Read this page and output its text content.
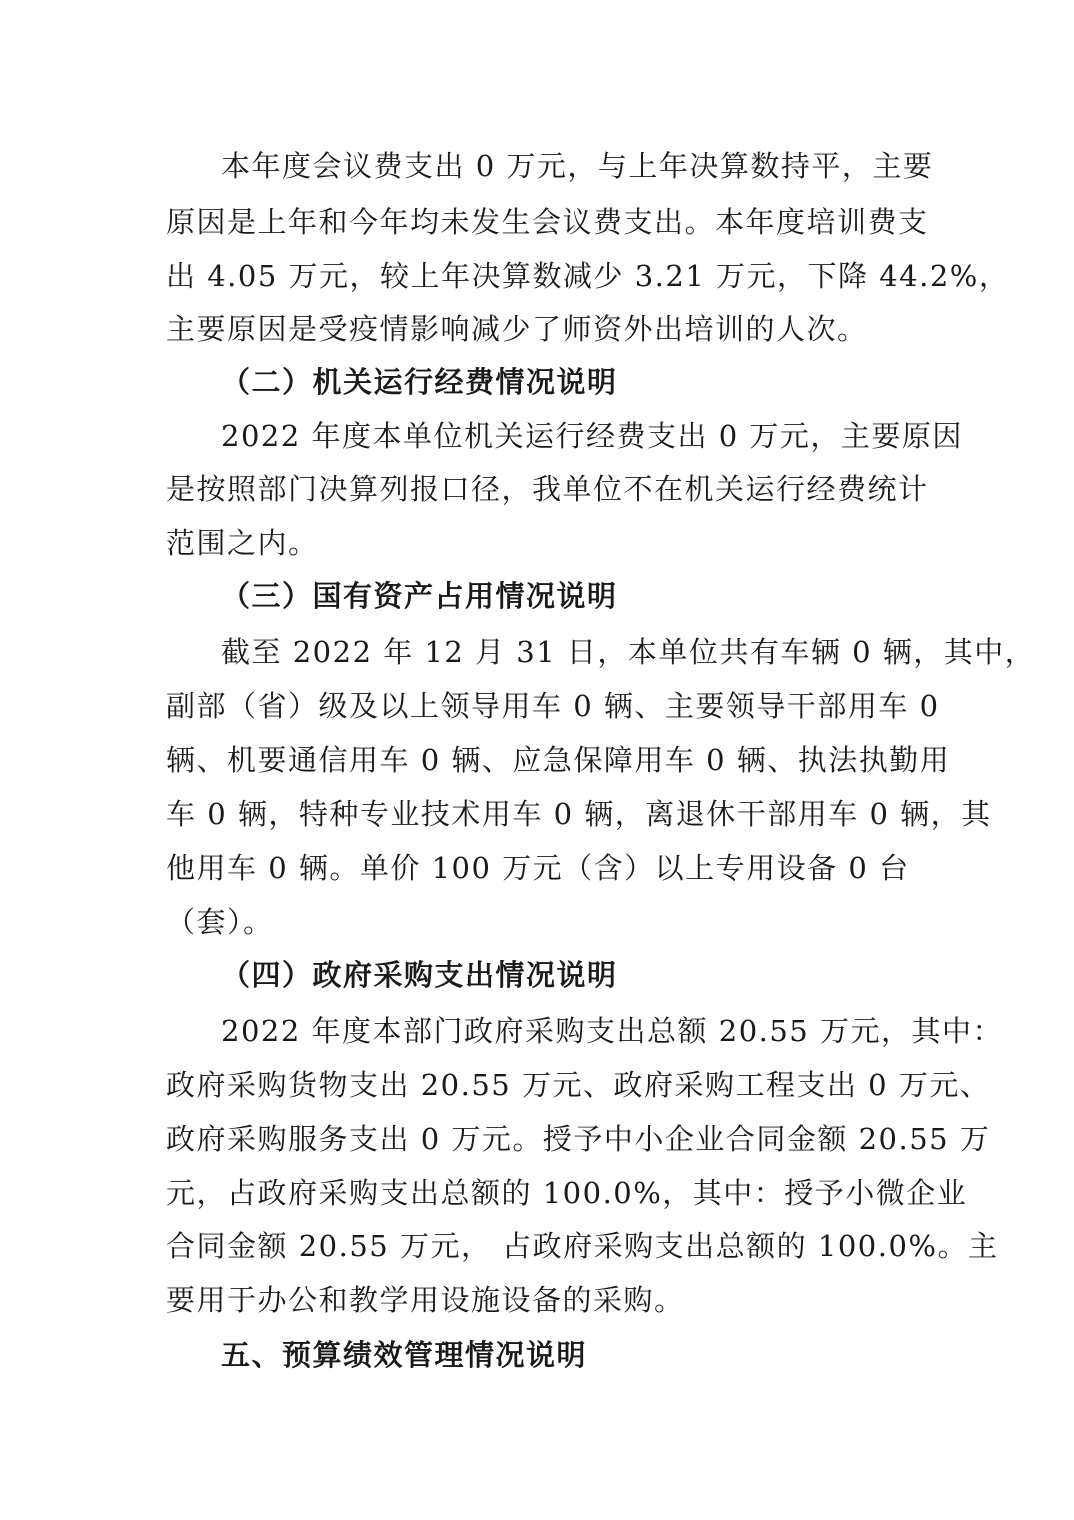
本年度会议费支出 0 万元，与上年决算数持平，主要
原因是上年和今年均未发生会议费支出。本年度培训费支
出 4.05 万元，较上年决算数减少 3.21 万元，下降 44.2%，
主要原因是受疫情影响减少了师资外出培训的人次。
（二）机关运行经费情况说明
2022 年度本单位机关运行经费支出 0 万元，主要原因
是按照部门决算列报口径，我单位不在机关运行经费统计
范围之内。
（三）国有资产占用情况说明
截至 2022 年 12 月 31 日，本单位共有车辆 0 辆，其中，
副部（省）级及以上领导用车 0 辆、主要领导干部用车 0
辆、机要通信用车 0 辆、应急保障用车 0 辆、执法执勤用
车 0 辆，特种专业技术用车 0 辆，离退休干部用车 0 辆，其
他用车 0 辆。单价 100 万元（含）以上专用设备 0 台
（套）。
（四）政府采购支出情况说明
2022 年度本部门政府采购支出总额 20.55 万元，其中：
政府采购货物支出 20.55 万元、政府采购工程支出 0 万元、
政府采购服务支出 0 万元。授予中小企业合同金额 20.55 万
元，占政府采购支出总额的 100.0%，其中：授予小微企业
合同金额 20.55 万元， 占政府采购支出总额的 100.0%。主
要用于办公和教学用设施设备的采购。
五、预算绩效管理情况说明
